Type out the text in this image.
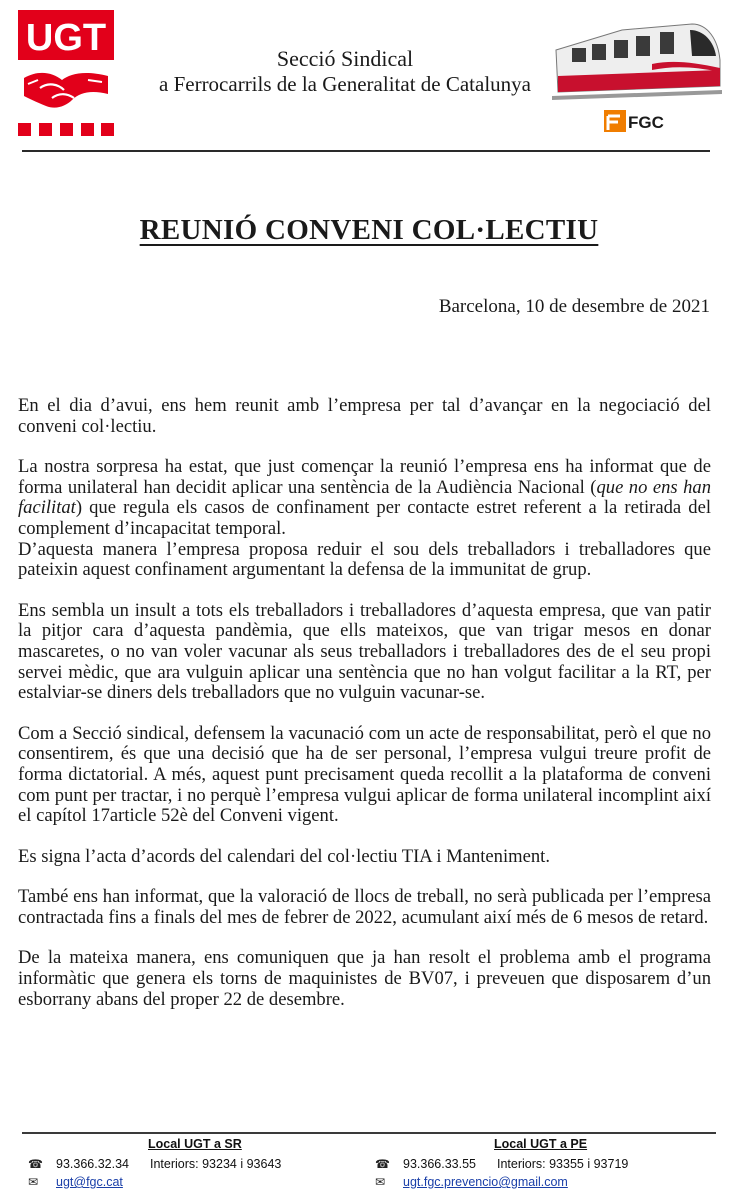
UGT	Secció Sindical
a Ferrocarrils de la Generalitat de Catalunya
FGC
REUNIÓ CONVENI COL·LECTIU
Barcelona, 10 de desembre de 2021

En el dia d’avui, ens hem reunit amb l’empresa per tal d’avançar en la negociació del conveni col·lectiu.

La nostra sorpresa ha estat, que just començar la reunió l’empresa ens ha informat que de forma unilateral han decidit aplicar una sentència de la Audiència Nacional (que no ens han facilitat) que regula els casos de confinament per contacte estret referent a la retirada del complement d’incapacitat temporal.

D’aquesta manera l’empresa proposa reduir el sou dels treballadors i treballadores que pateixin aquest confinament argumentant la defensa de la immunitat de grup.

Ens sembla un insult a tots els treballadors i treballadores d’aquesta empresa, que van patir la pitjor cara d’aquesta pandèmia, que ells mateixos, que van trigar mesos en donar mascaretes, o no van voler vacunar als seus treballadors i treballadores des de el seu propi servei mèdic, que ara vulguin aplicar una sentència que no han volgut facilitar a la RT, per estalviar-se diners dels treballadors que no vulguin vacunar-se.

Com a Secció sindical, defensem la vacunació com un acte de responsabilitat, però el que no consentirem, és que una decisió que ha de ser personal, l’empresa vulgui treure profit de forma dictatorial. A més, aquest punt precisament queda recollit a la plataforma de conveni com punt per tractar, i no perquè l’empresa vulgui aplicar de forma unilateral incomplint així el capítol 17article 52è del Conveni vigent.

Es signa l’acta d’acords del calendari del col·lectiu TIA i Manteniment.

També ens han informat, que la valoració de llocs de treball, no serà publicada per l’empresa contractada fins a finals del mes de febrer de 2022, acumulant així més de 6 mesos de retard.

De la mateixa manera, ens comuniquen que ja han resolt el problema amb el programa informàtic que genera els torns de maquinistes de BV07, i preveuen que disposarem d’un esborrany abans del proper 22 de desembre.

Local UGT a SR
☎ 93.366.32.34 Interiors: 93234 i 93643
✉ ugt@fgc.cat
Local UGT a PE
☎ 93.366.33.55 Interiors: 93355 i 93719
✉ ugt.fgc.prevencio@gmail.com
